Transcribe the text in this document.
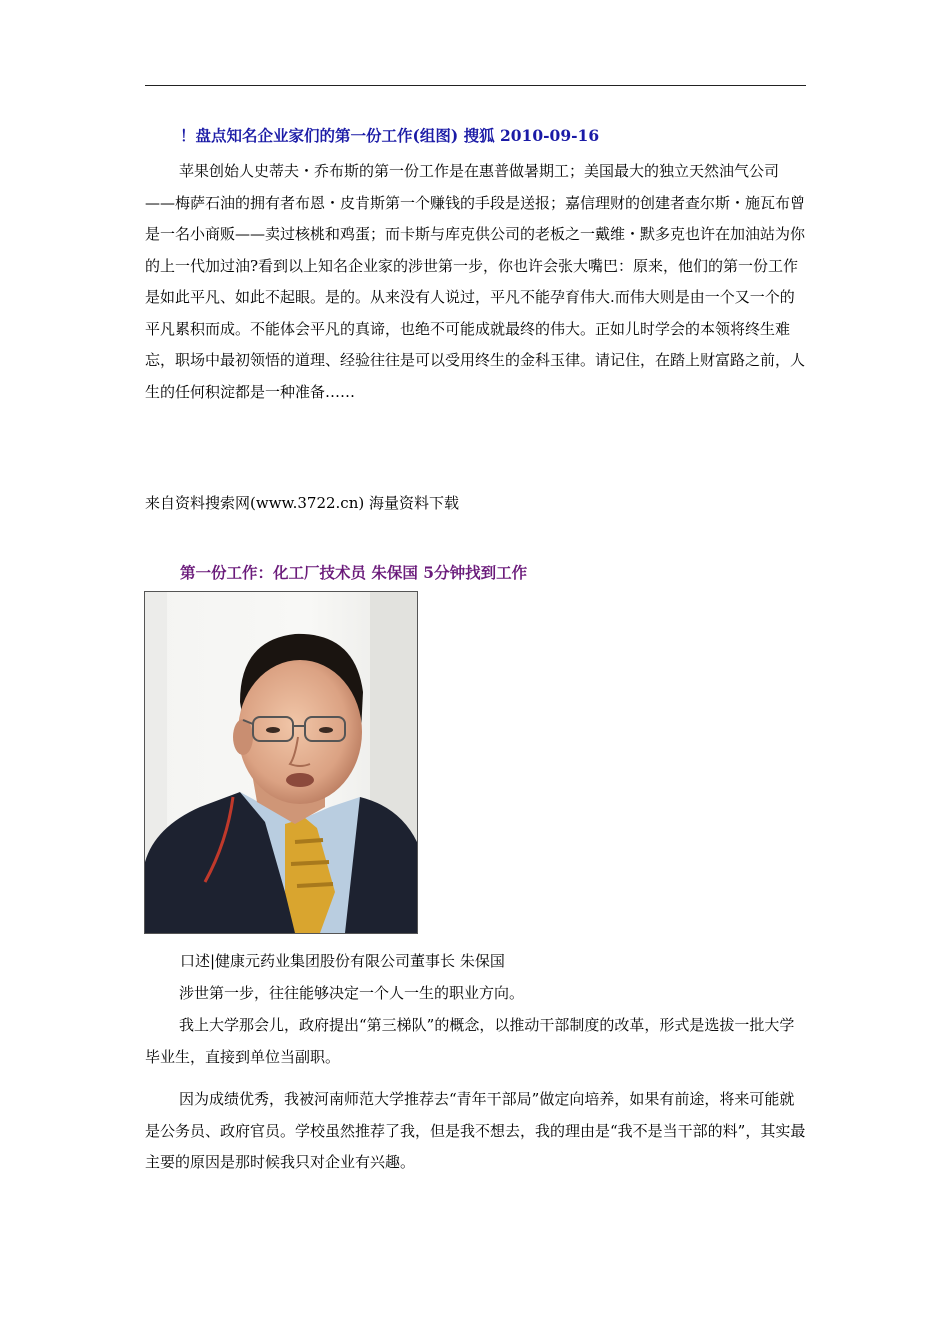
！盘点知名企业家们的第一份工作(组图) 搜狐 2010-09-16

苹果创始人史蒂夫・乔布斯的第一份工作是在惠普做暑期工；美国最大的独立天然油气公司——梅萨石油的拥有者布恩・皮肯斯第一个赚钱的手段是送报；嘉信理财的创建者查尔斯・施瓦布曾是一名小商贩——卖过核桃和鸡蛋；而卡斯与库克供公司的老板之一戴维・默多克也许在加油站为你的上一代加过油?看到以上知名企业家的涉世第一步，你也许会张大嘴巴：原来，他们的第一份工作是如此平凡、如此不起眼。是的。从来没有人说过，平凡不能孕育伟大.而伟大则是由一个又一个的平凡累积而成。不能体会平凡的真谛，也绝不可能成就最终的伟大。正如儿时学会的本领将终生难忘，职场中最初领悟的道理、经验往往是可以受用终生的金科玉律。请记住，在踏上财富路之前，人生的任何积淀都是一种准备……

来自资料搜索网(www.3722.cn) 海量资料下载
第一份工作：化工厂技术员 朱保国 5分钟找到工作
口述|健康元药业集团股份有限公司董事长 朱保国

涉世第一步，往往能够决定一个人一生的职业方向。

我上大学那会儿，政府提出“第三梯队”的概念，以推动干部制度的改革，形式是选拔一批大学毕业生，直接到单位当副职。

因为成绩优秀，我被河南师范大学推荐去“青年干部局”做定向培养，如果有前途，将来可能就是公务员、政府官员。学校虽然推荐了我，但是我不想去，我的理由是“我不是当干部的料”，其实最主要的原因是那时候我只对企业有兴趣。
